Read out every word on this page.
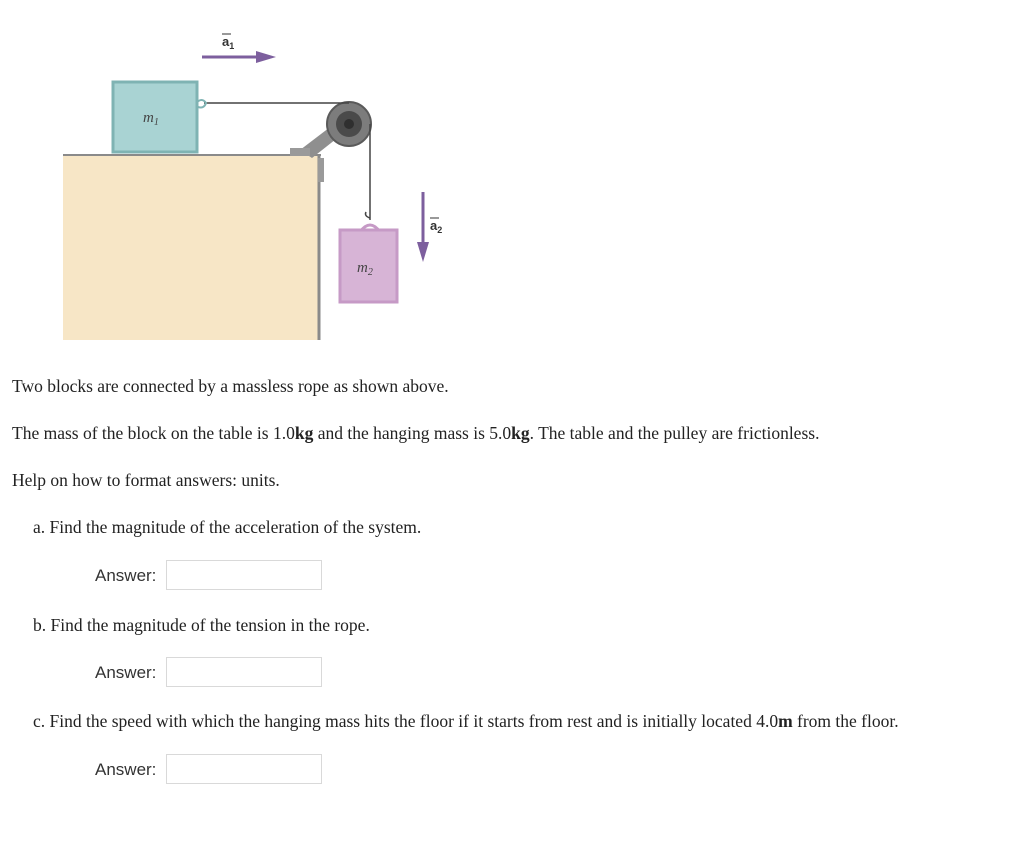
$m_1$
$m_2$
$a_1$
$a_2$
Two blocks are connected by a massless rope as shown above.
The mass of the block on the table is 1.0kg and the hanging mass is 5.0kg. The table and the pulley are frictionless.
Help on how to format answers: units.
a. Find the magnitude of the acceleration of the system.
Answer:
b. Find the magnitude of the tension in the rope.
Answer:
c. Find the speed with which the hanging mass hits the floor if it starts from rest and is initially located 4.0m from the floor.
Answer:
